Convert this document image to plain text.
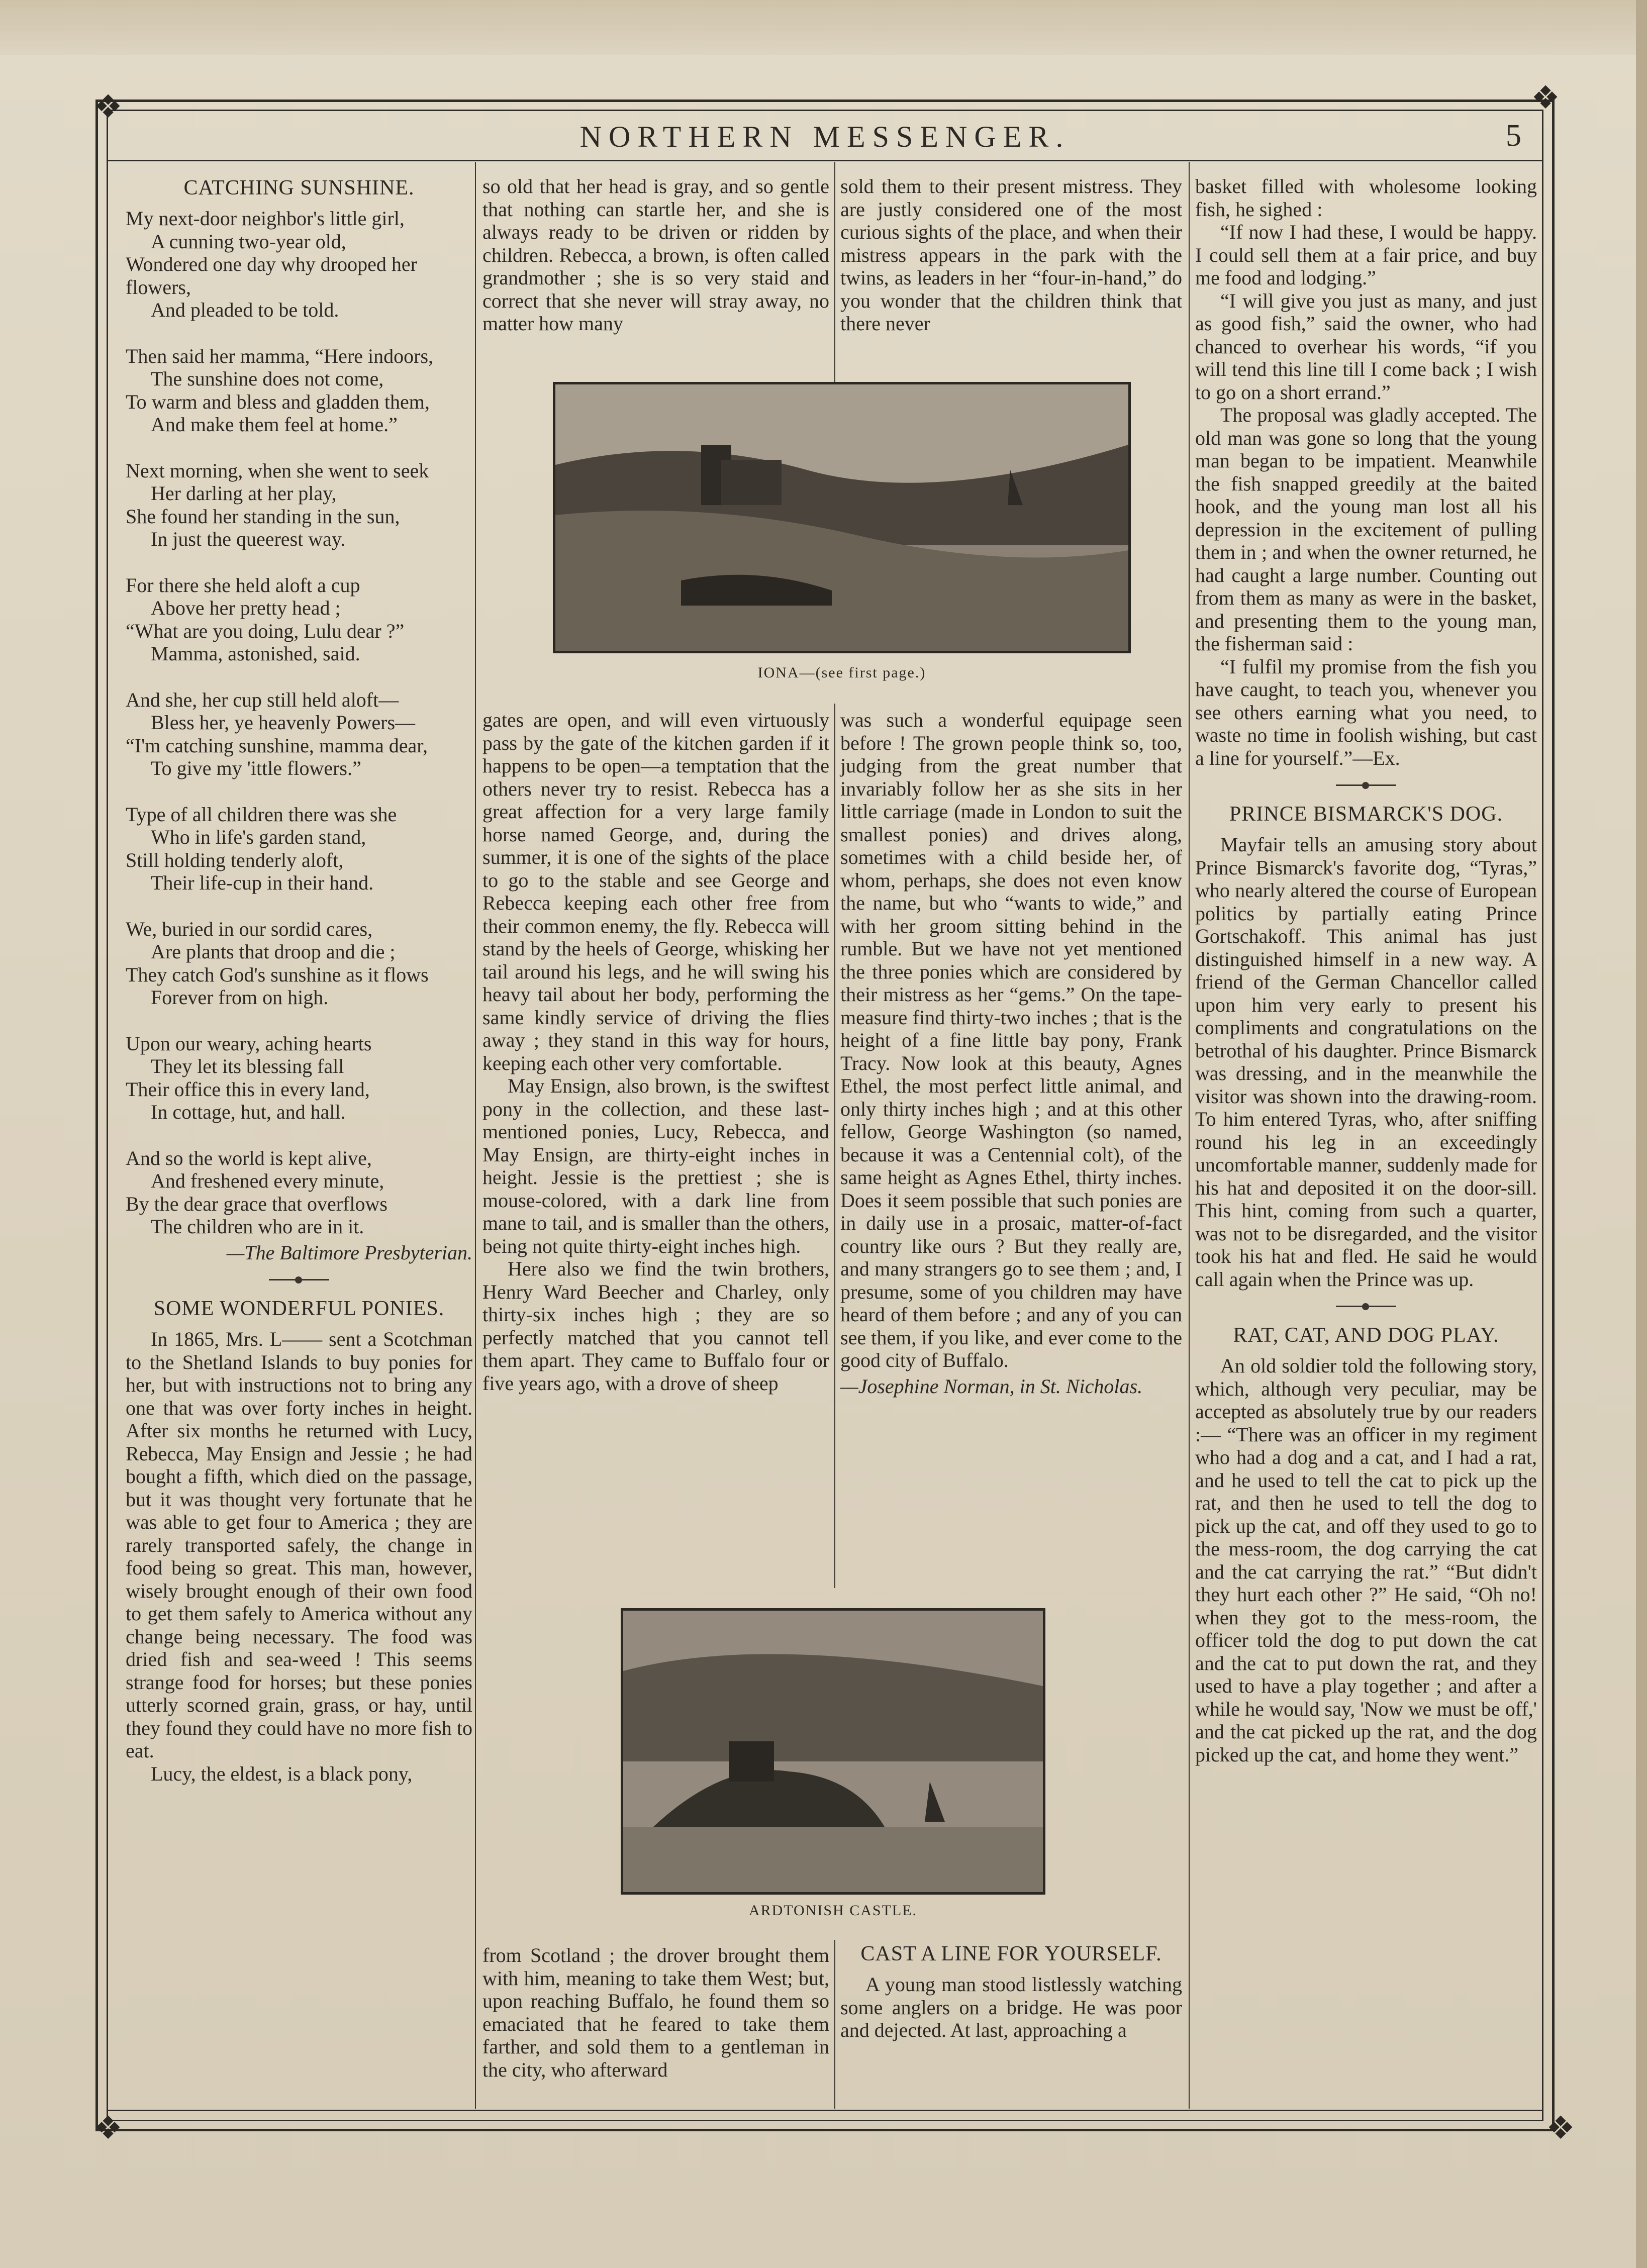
❖	❖
❖	❖
NORTHERN MESSENGER.	5
CATCHING SUNSHINE.
My next-door neighbor's little girl,
A cunning two-year old,
Wondered one day why drooped her flowers,
And pleaded to be told.
Then said her mamma, “Here indoors,
The sunshine does not come,
To warm and bless and gladden them,
And make them feel at home.”
Next morning, when she went to seek
Her darling at her play,
She found her standing in the sun,
In just the queerest way.
For there she held aloft a cup
Above her pretty head ;
“What are you doing, Lulu dear ?”
Mamma, astonished, said.
And she, her cup still held aloft—
Bless her, ye heavenly Powers—
“I'm catching sunshine, mamma dear,
To give my 'ittle flowers.”
Type of all children there was she
Who in life's garden stand,
Still holding tenderly aloft,
Their life-cup in their hand.
We, buried in our sordid cares,
Are plants that droop and die ;
They catch God's sunshine as it flows
Forever from on high.
Upon our weary, aching hearts
They let its blessing fall
Their office this in every land,
In cottage, hut, and hall.
And so the world is kept alive,
And freshened every minute,
By the dear grace that overflows
The children who are in it.
—The Baltimore Presbyterian.
SOME WONDERFUL PONIES.

In 1865, Mrs. L—— sent a Scotchman to the Shetland Islands to buy ponies for her, but with instructions not to bring any one that was over forty inches in height. After six months he returned with Lucy, Rebecca, May Ensign and Jessie ; he had bought a fifth, which died on the passage, but it was thought very fortunate that he was able to get four to America ; they are rarely transported safely, the change in food being so great. This man, however, wisely brought enough of their own food to get them safely to America without any change being necessary. The food was dried fish and sea-weed ! This seems strange food for horses; but these ponies utterly scorned grain, grass, or hay, until they found they could have no more fish to eat.

Lucy, the eldest, is a black pony,

so old that her head is gray, and so gentle that nothing can startle her, and she is always ready to be driven or ridden by children. Rebecca, a brown, is often called grandmother ; she is so very staid and correct that she never will stray away, no matter how many

sold them to their present mistress. They are justly considered one of the most curious sights of the place, and when their mistress appears in the park with the twins, as leaders in her “four-in-hand,” do you wonder that the children think that there never

IONA—(see first page.)

gates are open, and will even virtuously pass by the gate of the kitchen garden if it happens to be open—a temptation that the others never try to resist. Rebecca has a great affection for a very large family horse named George, and, during the summer, it is one of the sights of the place to go to the stable and see George and Rebecca keeping each other free from their common enemy, the fly. Rebecca will stand by the heels of George, whisking her tail around his legs, and he will swing his heavy tail about her body, performing the same kindly service of driving the flies away ; they stand in this way for hours, keeping each other very comfortable.

May Ensign, also brown, is the swiftest pony in the collection, and these last-mentioned ponies, Lucy, Rebecca, and May Ensign, are thirty-eight inches in height. Jessie is the prettiest ; she is mouse-colored, with a dark line from mane to tail, and is smaller than the others, being not quite thirty-eight inches high.

Here also we find the twin brothers, Henry Ward Beecher and Charley, only thirty-six inches high ; they are so perfectly matched that you cannot tell them apart. They came to Buffalo four or five years ago, with a drove of sheep

was such a wonderful equipage seen before ! The grown people think so, too, judging from the great number that invariably follow her as she sits in her little carriage (made in London to suit the smallest ponies) and drives along, sometimes with a child beside her, of whom, perhaps, she does not even know the name, but who “wants to wide,” and with her groom sitting behind in the rumble. But we have not yet mentioned the three ponies which are considered by their mistress as her “gems.” On the tape-measure find thirty-two inches ; that is the height of a fine little bay pony, Frank Tracy. Now look at this beauty, Agnes Ethel, the most perfect little animal, and only thirty inches high ; and at this other fellow, George Washington (so named, because it was a Centennial colt), of the same height as Agnes Ethel, thirty inches. Does it seem possible that such ponies are in daily use in a prosaic, matter-of-fact country like ours ? But they really are, and many strangers go to see them ; and, I presume, some of you children may have heard of them before ; and any of you can see them, if you like, and ever come to the good city of Buffalo.

—Josephine Norman, in St. Nicholas.
ARDTONISH CASTLE.

from Scotland ; the drover brought them with him, meaning to take them West; but, upon reaching Buffalo, he found them so emaciated that he feared to take them farther, and sold them to a gentleman in the city, who afterward

CAST A LINE FOR YOURSELF.

A young man stood listlessly watching some anglers on a bridge. He was poor and dejected. At last, approaching a

basket filled with wholesome looking fish, he sighed :

“If now I had these, I would be happy. I could sell them at a fair price, and buy me food and lodging.”

“I will give you just as many, and just as good fish,” said the owner, who had chanced to overhear his words, “if you will tend this line till I come back ; I wish to go on a short errand.”

The proposal was gladly accepted. The old man was gone so long that the young man began to be impatient. Meanwhile the fish snapped greedily at the baited hook, and the young man lost all his depression in the excitement of pulling them in ; and when the owner returned, he had caught a large number. Counting out from them as many as were in the basket, and presenting them to the young man, the fisherman said :

“I fulfil my promise from the fish you have caught, to teach you, whenever you see others earning what you need, to waste no time in foolish wishing, but cast a line for yourself.”—Ex.

PRINCE BISMARCK'S DOG.

Mayfair tells an amusing story about Prince Bismarck's favorite dog, “Tyras,” who nearly altered the course of European politics by partially eating Prince Gortschakoff. This animal has just distinguished himself in a new way. A friend of the German Chancellor called upon him very early to present his compliments and congratulations on the betrothal of his daughter. Prince Bismarck was dressing, and in the meanwhile the visitor was shown into the drawing-room. To him entered Tyras, who, after sniffing round his leg in an exceedingly uncomfortable manner, suddenly made for his hat and deposited it on the door-sill. This hint, coming from such a quarter, was not to be disregarded, and the visitor took his hat and fled. He said he would call again when the Prince was up.

RAT, CAT, AND DOG PLAY.

An old soldier told the following story, which, although very peculiar, may be accepted as absolutely true by our readers :— “There was an officer in my regiment who had a dog and a cat, and I had a rat, and he used to tell the cat to pick up the rat, and then he used to tell the dog to pick up the cat, and off they used to go to the mess-room, the dog carrying the cat and the cat carrying the rat.” “But didn't they hurt each other ?” He said, “Oh no! when they got to the mess-room, the officer told the dog to put down the cat and the cat to put down the rat, and they used to have a play together ; and after a while he would say, 'Now we must be off,' and the cat picked up the rat, and the dog picked up the cat, and home they went.”
